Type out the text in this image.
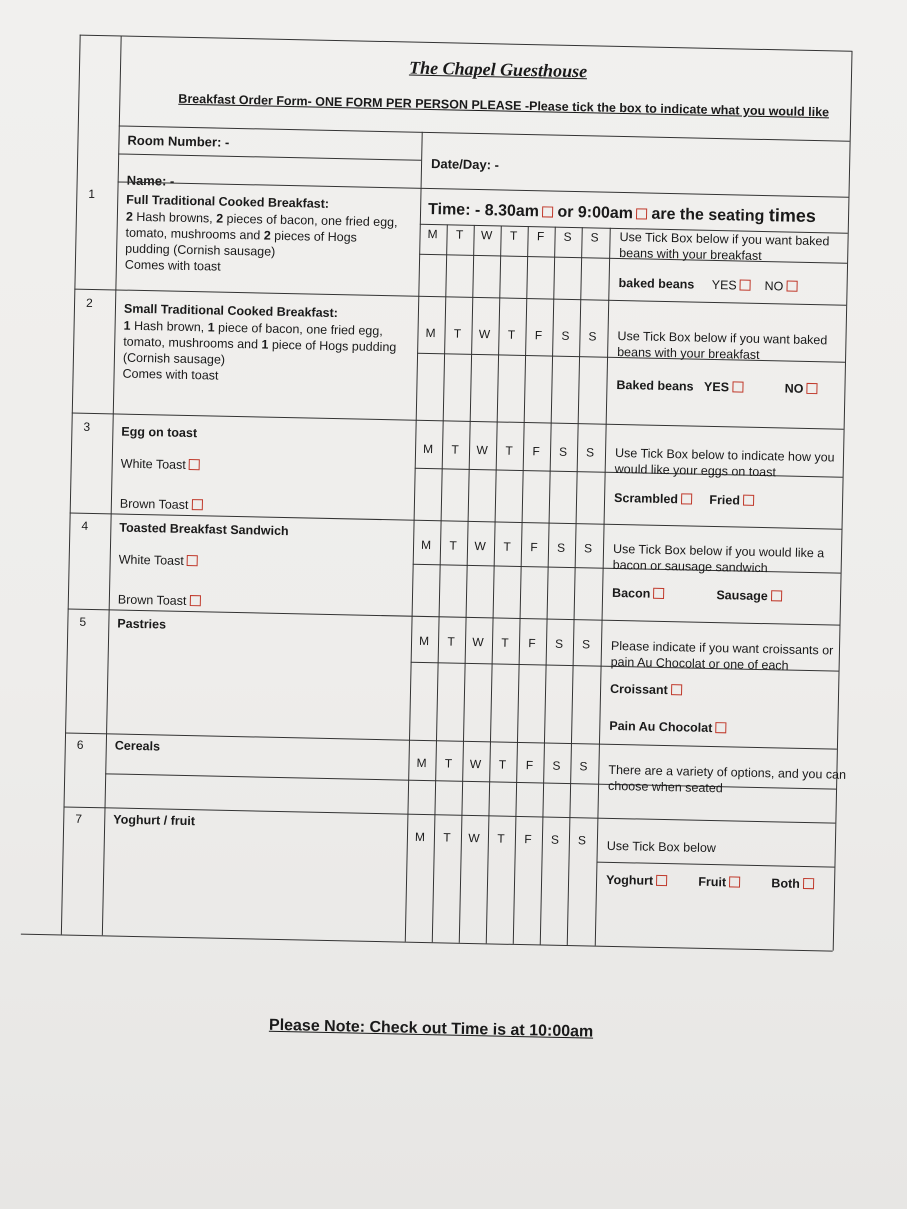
The Chapel Guesthouse
Breakfast Order Form- ONE FORM PER PERSON PLEASE -Please tick the box to indicate what you would like
Room Number: -
Date/Day: -
Name: -
Time: - 8.30am or 9:00am are the seating times
1 Full Traditional Cooked Breakfast:
2 Hash browns, 2 pieces of bacon, one fried egg,
tomato, mushrooms and 2 pieces of Hogs
pudding (Cornish sausage)
Comes with toast
M	T	W	T	F	S	S	Use Tick Box below if you want baked
beans with your breakfast
baked beans YES NO
2 Small Traditional Cooked Breakfast:
1 Hash brown, 1 piece of bacon, one fried egg,
tomato, mushrooms and 1 piece of Hogs pudding
(Cornish sausage)
Comes with toast
M	T	W	T	F	S	S	Use Tick Box below if you want baked
beans with your breakfast
Baked beans YES	NO
3 Egg on toast
White Toast
Brown Toast
M	T	W	T	F	S	S	Use Tick Box below to indicate how you
would like your eggs on toast
Scrambled Fried
4 Toasted Breakfast Sandwich
White Toast
Brown Toast
M	T	W	T	F	S	S	Use Tick Box below if you would like a
bacon or sausage sandwich
Bacon	Sausage
5 Pastries
M	T	W	T	F	S	S	Please indicate if you want croissants or
pain Au Chocolat or one of each
Croissant
Pain Au Chocolat
6 Cereals
M	T	W	T	F	S	S	There are a variety of options, and you can
choose when seated
7 Yoghurt / fruit
M	T	W	T	F	S	S	Use Tick Box below
Yoghurt	Fruit	Both
Please Note: Check out Time is at 10:00am
